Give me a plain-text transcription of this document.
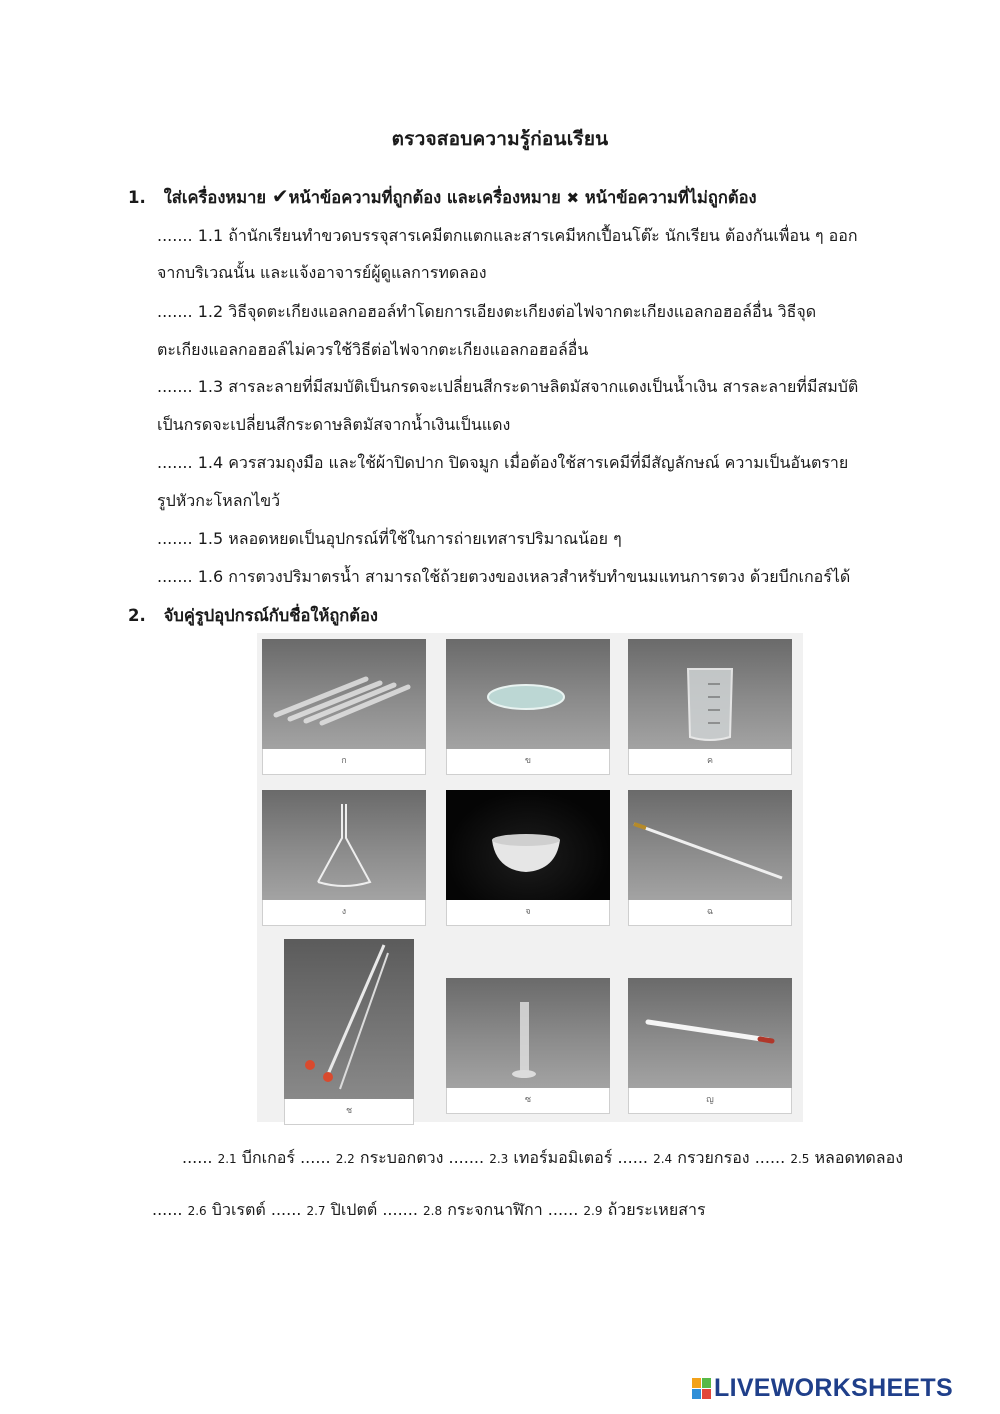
ตรวจสอบความรู้ก่อนเรียน
1. ใส่เครื่องหมาย ✔หน้าข้อความที่ถูกต้อง และเครื่องหมาย ✖ หน้าข้อความที่ไม่ถูกต้อง
....... 1.1 ถ้านักเรียนทำขวดบรรจุสารเคมีตกแตกและสารเคมีหกเปื้อนโต๊ะ นักเรียน ต้องกันเพื่อน ๆ ออก
จากบริเวณนั้น และแจ้งอาจารย์ผู้ดูแลการทดลอง
....... 1.2 วิธีจุดตะเกียงแอลกอฮอล์ทำโดยการเอียงตะเกียงต่อไฟจากตะเกียงแอลกอฮอล์อื่น วิธีจุด
ตะเกียงแอลกอฮอล์ไม่ควรใช้วิธีต่อไฟจากตะเกียงแอลกอฮอล์อื่น
....... 1.3 สารละลายที่มีสมบัติเป็นกรดจะเปลี่ยนสีกระดาษลิตมัสจากแดงเป็นน้ำเงิน สารละลายที่มีสมบัติ
เป็นกรดจะเปลี่ยนสีกระดาษลิตมัสจากน้ำเงินเป็นแดง
....... 1.4 ควรสวมถุงมือ และใช้ผ้าปิดปาก ปิดจมูก เมื่อต้องใช้สารเคมีที่มีสัญลักษณ์ ความเป็นอันตราย
รูปหัวกะโหลกไขว้
....... 1.5 หลอดหยดเป็นอุปกรณ์ที่ใช้ในการถ่ายเทสารปริมาณน้อย ๆ
....... 1.6 การตวงปริมาตรน้ำ สามารถใช้ถ้วยตวงของเหลวสำหรับทำขนมแทนการตวง ด้วยบีกเกอร์ได้
2. จับคู่รูปอุปกรณ์กับชื่อให้ถูกต้อง
ก	ข	ค
ง	จ	ฉ
ช
ซ	ญ
...... 2.1 บีกเกอร์ ...... 2.2 กระบอกตวง ....... 2.3 เทอร์มอมิเตอร์ ...... 2.4 กรวยกรอง ...... 2.5 หลอดทดลอง
...... 2.6 บิวเรตต์ ...... 2.7 ปิเปตต์ ....... 2.8 กระจกนาฬิกา ...... 2.9 ถ้วยระเหยสาร
LIVEWORKSHEETS
